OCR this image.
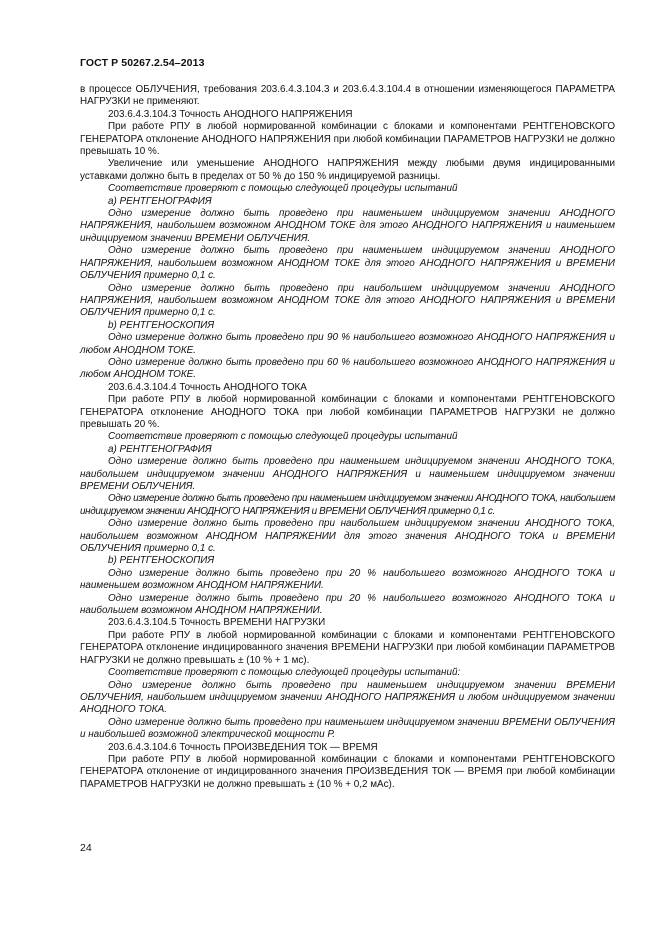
ГОСТ Р 50267.2.54–2013

в процессе ОБЛУЧЕНИЯ, требования 203.6.4.3.104.3 и 203.6.4.3.104.4 в отношении изменяющегося ПАРАМЕТРА НАГРУЗКИ не применяют.

203.6.4.3.104.3 Точность АНОДНОГО НАПРЯЖЕНИЯ

При работе РПУ в любой нормированной комбинации с блоками и компонентами РЕНТГЕНОВСКОГО ГЕНЕРАТОРА отклонение АНОДНОГО НАПРЯЖЕНИЯ при любой комбинации ПАРАМЕТРОВ НАГРУЗКИ не должно превышать 10 %.

Увеличение или уменьшение АНОДНОГО НАПРЯЖЕНИЯ между любыми двумя индицированными уставками должно быть в пределах от 50 % до 150 % индицируемой разницы.

Соответствие проверяют с помощью следующей процедуры испытаний

a) РЕНТГЕНОГРАФИЯ

Одно измерение должно быть проведено при наименьшем индицируемом значении АНОДНОГО НАПРЯЖЕНИЯ, наибольшем возможном АНОДНОМ ТОКЕ для этого АНОДНОГО НАПРЯЖЕНИЯ и наименьшем индицируемом значении ВРЕМЕНИ ОБЛУЧЕНИЯ.

Одно измерение должно быть проведено при наименьшем индицируемом значении АНОДНОГО НАПРЯЖЕНИЯ, наибольшем возможном АНОДНОМ ТОКЕ для этого АНОДНОГО НАПРЯЖЕНИЯ и ВРЕМЕНИ ОБЛУЧЕНИЯ примерно 0,1 с.

Одно измерение должно быть проведено при наибольшем индицируемом значении АНОДНОГО НАПРЯЖЕНИЯ, наибольшем возможном АНОДНОМ ТОКЕ для этого АНОДНОГО НАПРЯЖЕНИЯ и ВРЕМЕНИ ОБЛУЧЕНИЯ примерно 0,1 с.

b) РЕНТГЕНОСКОПИЯ

Одно измерение должно быть проведено при 90 % наибольшего возможного АНОДНОГО НАПРЯЖЕНИЯ и любом АНОДНОМ ТОКЕ.

Одно измерение должно быть проведено при 60 % наибольшего возможного АНОДНОГО НАПРЯЖЕНИЯ и любом АНОДНОМ ТОКЕ.

203.6.4.3.104.4 Точность АНОДНОГО ТОКА

При работе РПУ в любой нормированной комбинации с блоками и компонентами РЕНТГЕНОВСКОГО ГЕНЕРАТОРА отклонение АНОДНОГО ТОКА при любой комбинации ПАРАМЕТРОВ НАГРУЗКИ не должно превышать 20 %.

Соответствие проверяют с помощью следующей процедуры испытаний

a) РЕНТГЕНОГРАФИЯ

Одно измерение должно быть проведено при наименьшем индицируемом значении АНОДНОГО ТОКА, наибольшем индицируемом значении АНОДНОГО НАПРЯЖЕНИЯ и наименьшем индицируемом значении ВРЕМЕНИ ОБЛУЧЕНИЯ.

Одно измерение должно быть проведено при наименьшем индицируемом значении АНОДНОГО ТОКА, наибольшем индицируемом значении АНОДНОГО НАПРЯЖЕНИЯ и ВРЕМЕНИ ОБЛУЧЕНИЯ примерно 0,1 с.

Одно измерение должно быть проведено при наибольшем индицируемом значении АНОДНОГО ТОКА, наибольшем возможном АНОДНОМ НАПРЯЖЕНИИ для этого значения АНОДНОГО ТОКА и ВРЕМЕНИ ОБЛУЧЕНИЯ примерно 0,1 с.

b) РЕНТГЕНОСКОПИЯ

Одно измерение должно быть проведено при 20 % наибольшего возможного АНОДНОГО ТОКА и наименьшем возможном АНОДНОМ НАПРЯЖЕНИИ.

Одно измерение должно быть проведено при 20 % наибольшего возможного АНОДНОГО ТОКА и наибольшем возможном АНОДНОМ НАПРЯЖЕНИИ.

203.6.4.3.104.5 Точность ВРЕМЕНИ НАГРУЗКИ

При работе РПУ в любой нормированной комбинации с блоками и компонентами РЕНТГЕНОВСКОГО ГЕНЕРАТОРА отклонение индицированного значения ВРЕМЕНИ НАГРУЗКИ при любой комбинации ПАРАМЕТРОВ НАГРУЗКИ не должно превышать ± (10 % + 1 мс).

Соответствие проверяют с помощью следующей процедуры испытаний:

Одно измерение должно быть проведено при наименьшем индицируемом значении ВРЕМЕНИ ОБЛУЧЕНИЯ, наибольшем индицируемом значении АНОДНОГО НАПРЯЖЕНИЯ и любом индицируемом значении АНОДНОГО ТОКА.

Одно измерение должно быть проведено при наименьшем индицируемом значении ВРЕМЕНИ ОБЛУЧЕНИЯ и наибольшей возможной электрической мощности Р.

203.6.4.3.104.6 Точность ПРОИЗВЕДЕНИЯ ТОК — ВРЕМЯ

При работе РПУ в любой нормированной комбинации с блоками и компонентами РЕНТГЕНОВСКОГО ГЕНЕРАТОРА отклонение от индицированного значения ПРОИЗВЕДЕНИЯ ТОК — ВРЕМЯ при любой комбинации ПАРАМЕТРОВ НАГРУЗКИ не должно превышать ± (10 % + 0,2 мАс).

24
